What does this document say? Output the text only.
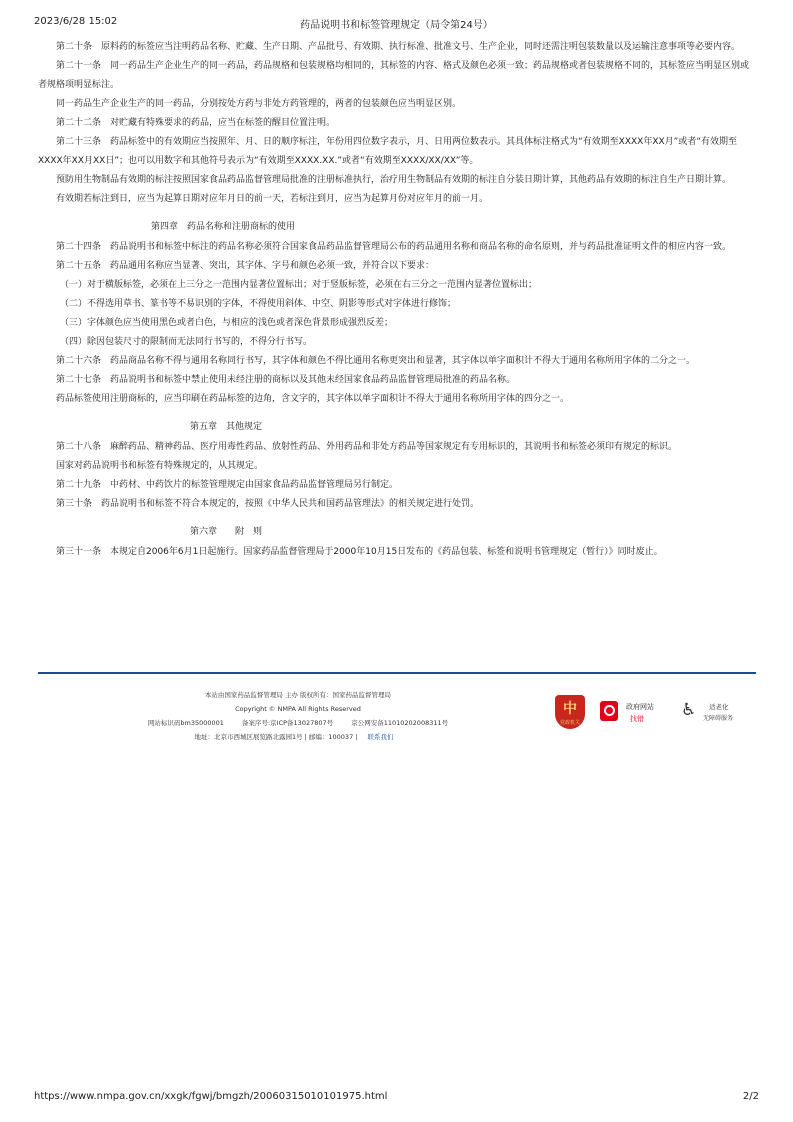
2023/6/28 15:02	药品说明书和标签管理规定（局令第24号）

第二十条　原料药的标签应当注明药品名称、贮藏、生产日期、产品批号、有效期、执行标准、批准文号、生产企业，同时还需注明包装数量以及运输注意事项等必要内容。

第二十一条　同一药品生产企业生产的同一药品，药品规格和包装规格均相同的，其标签的内容、格式及颜色必须一致；药品规格或者包装规格不同的，其标签应当明显区别或者规格项明显标注。

同一药品生产企业生产的同一药品，分别按处方药与非处方药管理的，两者的包装颜色应当明显区别。

第二十二条　对贮藏有特殊要求的药品，应当在标签的醒目位置注明。

第二十三条　药品标签中的有效期应当按照年、月、日的顺序标注，年份用四位数字表示，月、日用两位数表示。其具体标注格式为“有效期至XXXX年XX月”或者“有效期至XXXX年XX月XX日”；也可以用数字和其他符号表示为“有效期至XXXX.XX.”或者“有效期至XXXX/XX/XX”等。

预防用生物制品有效期的标注按照国家食品药品监督管理局批准的注册标准执行，治疗用生物制品有效期的标注自分装日期计算，其他药品有效期的标注自生产日期计算。

有效期若标注到日，应当为起算日期对应年月日的前一天，若标注到月，应当为起算月份对应年月的前一月。

第四章　药品名称和注册商标的使用

第二十四条　药品说明书和标签中标注的药品名称必须符合国家食品药品监督管理局公布的药品通用名称和商品名称的命名原则，并与药品批准证明文件的相应内容一致。

第二十五条　药品通用名称应当显著、突出，其字体、字号和颜色必须一致，并符合以下要求：

（一）对于横版标签，必须在上三分之一范围内显著位置标出；对于竖版标签，必须在右三分之一范围内显著位置标出；

（二）不得选用草书、篆书等不易识别的字体，不得使用斜体、中空、阴影等形式对字体进行修饰；

（三）字体颜色应当使用黑色或者白色，与相应的浅色或者深色背景形成强烈反差；

（四）除因包装尺寸的限制而无法同行书写的，不得分行书写。

第二十六条　药品商品名称不得与通用名称同行书写，其字体和颜色不得比通用名称更突出和显著，其字体以单字面积计不得大于通用名称所用字体的二分之一。

第二十七条　药品说明书和标签中禁止使用未经注册的商标以及其他未经国家食品药品监督管理局批准的药品名称。

药品标签使用注册商标的，应当印刷在药品标签的边角，含文字的，其字体以单字面积计不得大于通用名称所用字体的四分之一。

第五章　其他规定

第二十八条　麻醉药品、精神药品、医疗用毒性药品、放射性药品、外用药品和非处方药品等国家规定有专用标识的，其说明书和标签必须印有规定的标识。

国家对药品说明书和标签有特殊规定的，从其规定。

第二十九条　中药材、中药饮片的标签管理规定由国家食品药品监督管理局另行制定。

第三十条　药品说明书和标签不符合本规定的，按照《中华人民共和国药品管理法》的相关规定进行处罚。

第六章　　附　则

第三十一条　本规定自2006年6月1日起施行。国家药品监督管理局于2000年10月15日发布的《药品包装、标签和说明书管理规定（暂行）》同时废止。

本站由国家药品监督管理局 主办 版权所有：国家药品监督管理局
Copyright © NMPA All Rights Reserved
网站标识码bm35000001	备案序号:京ICP备13027807号	京公网安备11010202008311号
地址：北京市西城区展览路北露园1号 | 邮编：100037 | 联系我们
中
党政机关
政府网站
找错 ♿ 适老化
无障碍服务
https://www.nmpa.gov.cn/xxgk/fgwj/bmgzh/20060315010101975.html	2/2
